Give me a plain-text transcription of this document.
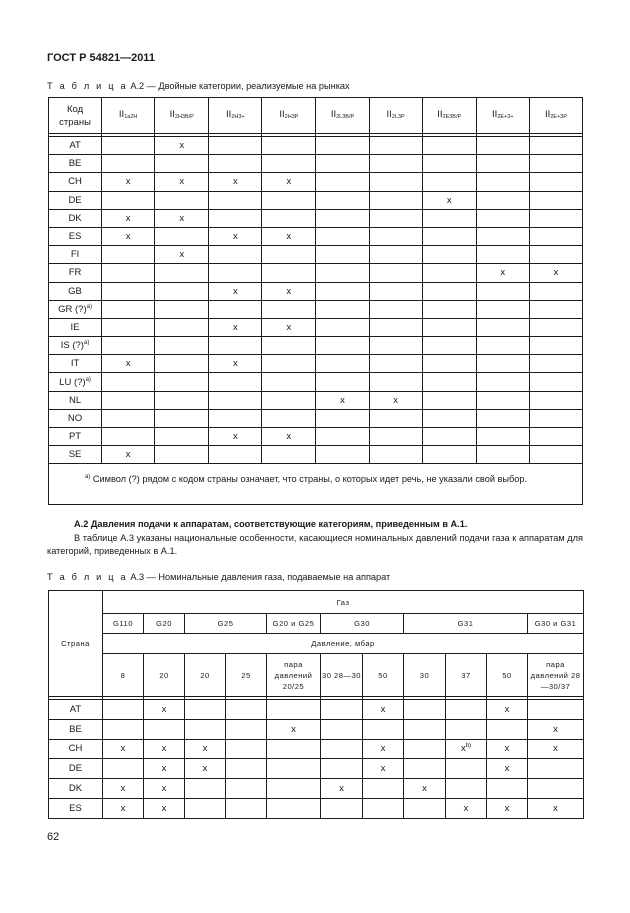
ГОСТ Р 54821—2011
Т а б л и ц а А.2 — Двойные категории, реализуемые на рынках
Код страны	II1a2H	II2H3B/P	II2H3+	II2H3P	II2L3B/P	II2L3P	II2E3B/P	II2E+3+	II2E+3P

AT		x							
BE									
CH	x	x	x	x					
DE							x		
DK	x	x							
ES	x		x	x					
FI		x							
FR								x	x
GB			x	x					
GR (?)$^{a)}$									
IE			x	x					
IS (?)$^{a)}$									
IT	x		x						
LU (?)$^{a)}$									
NL					x	x			
NO									
PT			x	x					
SE	x								
$^{a)}$ Символ (?) рядом с кодом страны означает, что страны, о которых идет речь, не указали свой выбор.									
А.2 Давления подачи к аппаратам, соответствующие категориям, приведенным в А.1.
В таблице А.3 указаны национальные особенности, касающиеся номинальных давлений подачи газа к аппаратам для категорий, приведенных в А.1.
Т а б л и ц а А.3 — Номинальные давления газа, подаваемые на аппарат
Страна	Газ										
	G110	G20	G25		G20 и G25	G30		G31			G30 и G31
	Давление, мбар										
	8	20	20	25	пара давлений 20/25	30 28—30	50	30	37	50	пара давлений 28—30/37

AT		x					x			x	
BE					x						x
CH	x	x	x				x		$x^{b)}$	x	x
DE		x	x				x			x	
DK	x	x				x		x			
ES	x	x							x	x	x
62
